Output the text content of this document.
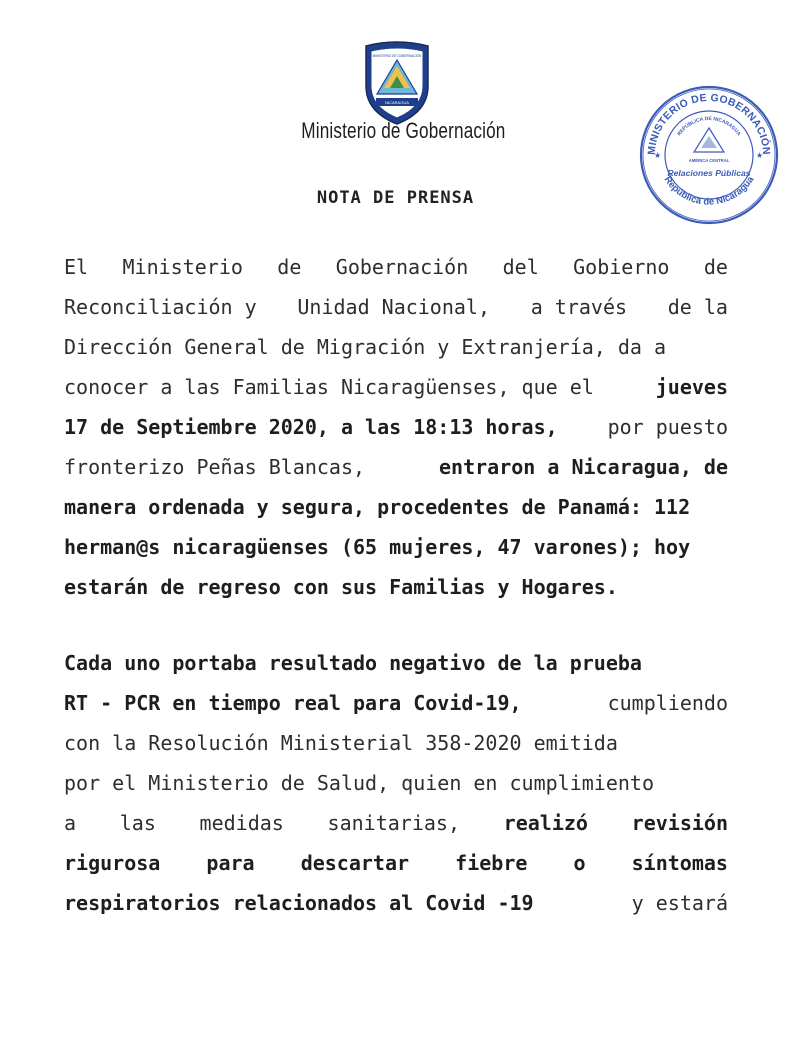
NICARAGUA
MINISTERIO DE GOBERNACIÓN
Ministerio de Gobernación
MINISTERIO DE GOBERNACIÓN
REPÚBLICA DE NICARAGUA
AMÉRICA CENTRAL
Relaciones Públicas
República de Nicaragua
★	★
NOTA DE PRENSA
El Ministerio de Gobernación del Gobierno de
Reconciliación y Unidad Nacional, a través de la
Dirección General de Migración y Extranjería, da a
conocer a las Familias Nicaragüenses, que el	jueves
17 de Septiembre 2020, a las 18:13 horas, por puesto
fronterizo Peñas Blancas,	entraron a Nicaragua, de
manera ordenada y segura, procedentes de Panamá: 112
herman@s nicaragüenses (65 mujeres, 47 varones); hoy
estarán de regreso con sus Familias y Hogares.
Cada uno portaba resultado negativo de la prueba
RT - PCR en tiempo real para Covid-19,	cumpliendo
con la Resolución Ministerial 358-2020 emitida
por el Ministerio de Salud, quien en cumplimiento
a las medidas sanitarias, realizó revisión
rigurosa para descartar fiebre o síntomas
respiratorios relacionados al Covid -19	y estará
